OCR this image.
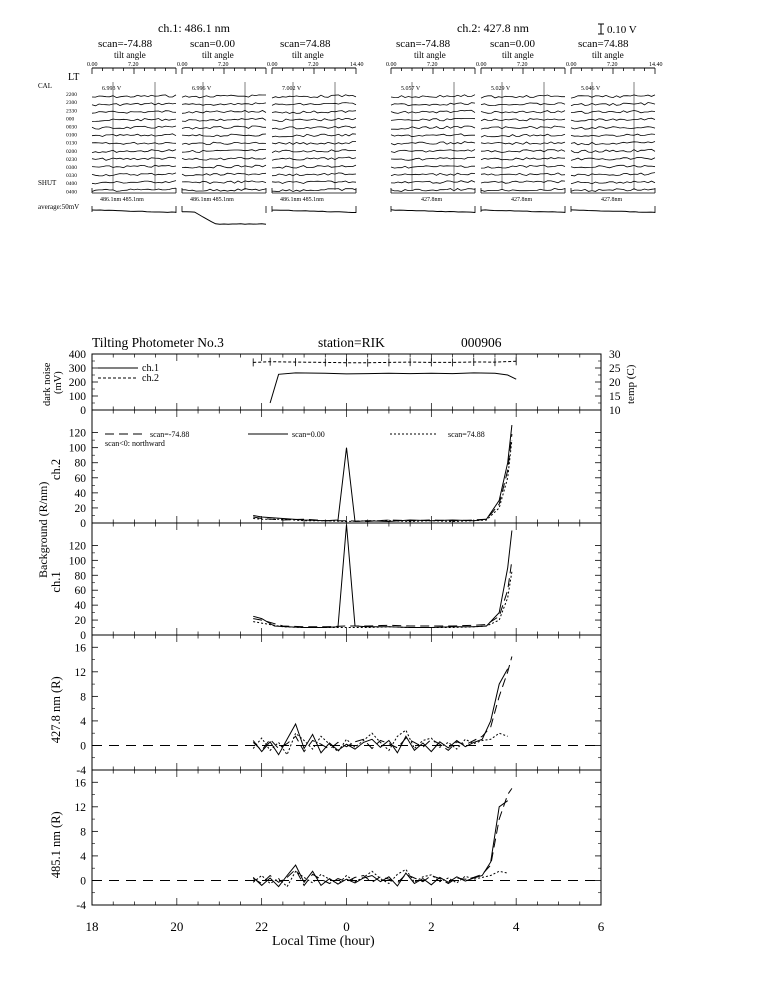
ch.1: 486.1 nm	ch.2: 427.8 nm	0.10 V
scan=-74.88	scan=0.00	scan=74.88	scan=-74.88	scan=0.00	scan=74.88
tilt angle	tilt angle	tilt angle	tilt angle	tilt angle	tilt angle
0.00	7.20	0.00	7.20	0.00	7.20	14.40	0.00	7.20	0.00	7.20	0.00	7.20	14.40
LT
CAL
2200
2300
2330
000
0030
0100
0130
0200
0230
0300
0330
SHUT 0400
0400
6.993 V
486.1nm 485.1nm
6.996 V
486.1nm 485.1nm
7.002 V
486.1nm 485.1nm
5.057 V
427.8nm
5.029 V
427.8nm
5.046 V
427.8nm
average:50mV
Tilting Photometer No.3	station=RIK	000906
0
100
200
300
400
dark noise (mV)
10
15
20
25
30
temp (C)
0
20
40
60
80
100
120
ch.2
0
20
40
60
80
100
120
ch.1
-4
0
4
8
12
16
427.8 nm (R)
-4
0
4
8
12
16
485.1 nm (R)
18	20	22	0	2	4	6
Background (R/nm)
Local Time (hour)
ch.1
ch.2
scan=-74.88	scan=0.00	scan=74.88
scan<0: northward
